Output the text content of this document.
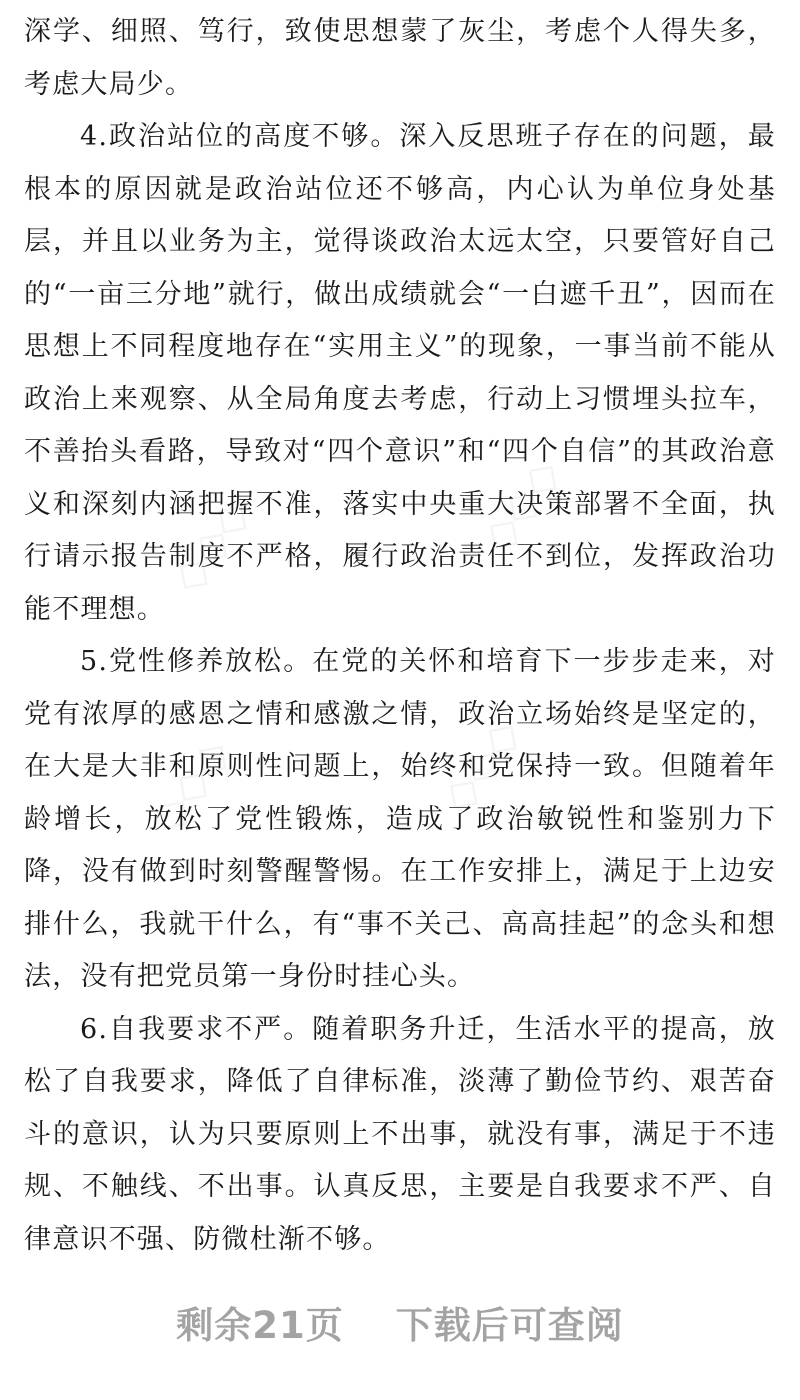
深学、细照、笃行，致使思想蒙了灰尘，考虑个人得失多，考虑大局少。

4.政治站位的高度不够。深入反思班子存在的问题，最根本的原因就是政治站位还不够高，内心认为单位身处基层，并且以业务为主，觉得谈政治太远太空，只要管好自己的“一亩三分地”就行，做出成绩就会“一白遮千丑”，因而在思想上不同程度地存在“实用主义”的现象，一事当前不能从政治上来观察、从全局角度去考虑，行动上习惯埋头拉车，不善抬头看路，导致对“四个意识”和“四个自信”的其政治意义和深刻内涵把握不准，落实中央重大决策部署不全面，执行请示报告制度不严格，履行政治责任不到位，发挥政治功能不理想。

5.党性修养放松。在党的关怀和培育下一步步走来，对党有浓厚的感恩之情和感激之情，政治立场始终是坚定的，在大是大非和原则性问题上，始终和党保持一致。但随着年龄增长，放松了党性锻炼，造成了政治敏锐性和鉴别力下降，没有做到时刻警醒警惕。在工作安排上，满足于上边安排什么，我就干什么，有“事不关己、高高挂起”的念头和想法，没有把党员第一身份时挂心头。

6.自我要求不严。随着职务升迁，生活水平的提高，放松了自我要求，降低了自律标准，淡薄了勤俭节约、艰苦奋斗的意识，认为只要原则上不出事，就没有事，满足于不违规、不触线、不出事。认真反思，主要是自我要求不严、自律意识不强、防微杜渐不够。

剩余21页 下载后可查阅
